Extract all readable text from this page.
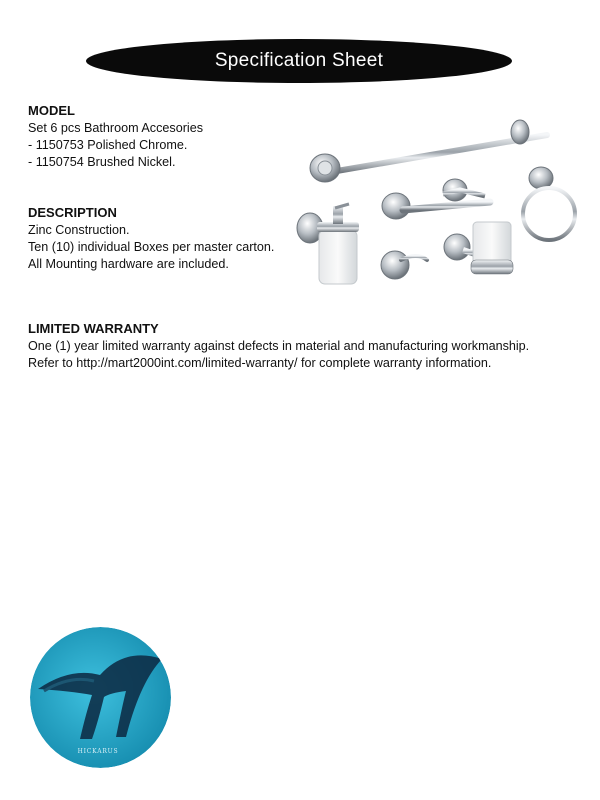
Specification Sheet
MODEL
Set 6 pcs Bathroom Accesories
- 1150753 Polished Chrome.
- 1150754 Brushed Nickel.
DESCRIPTION
Zinc Construction.
Ten (10) individual Boxes per master carton.
All Mounting hardware are included.
LIMITED WARRANTY
One (1) year limited warranty against defects in material and manufacturing workmanship.
Refer to http://mart2000int.com/limited-warranty/ for complete warranty information.
HICKARUS
